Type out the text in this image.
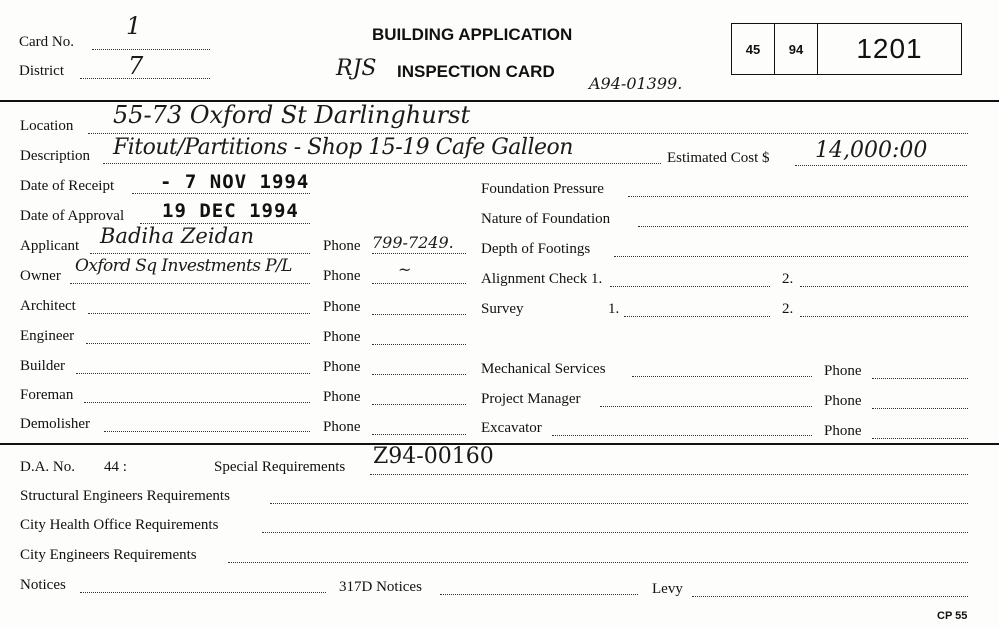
Card No.
1
District	7
BUILDING APPLICATION
RJS INSPECTION CARD
A94-01399.
45	94	1201
Location 55-73 Oxford St Darlinghurst
Description Fitout/Partitions - Shop 15-19 Cafe Galleon	Estimated Cost $ 14,000:00
Date of Receipt - 7 NOV 1994
Date of Approval 19 DEC 1994
Applicant Badiha Zeidan	Phone 799-7249.
Owner Oxford Sq Investments P/L Phone ~
Architect	Phone
Engineer	Phone
Builder	Phone
Foreman	Phone
Demolisher	Phone
Foundation Pressure
Nature of Foundation
Depth of Footings
Alignment Check 1.	2.
Survey	1.	2.
Mechanical Services	Phone
Project Manager	Phone
Excavator	Phone
D.A. No. 44 :	Special Requirements Z94-00160
Structural Engineers Requirements
City Health Office Requirements
City Engineers Requirements
Notices	317D Notices	Levy
CP 55
